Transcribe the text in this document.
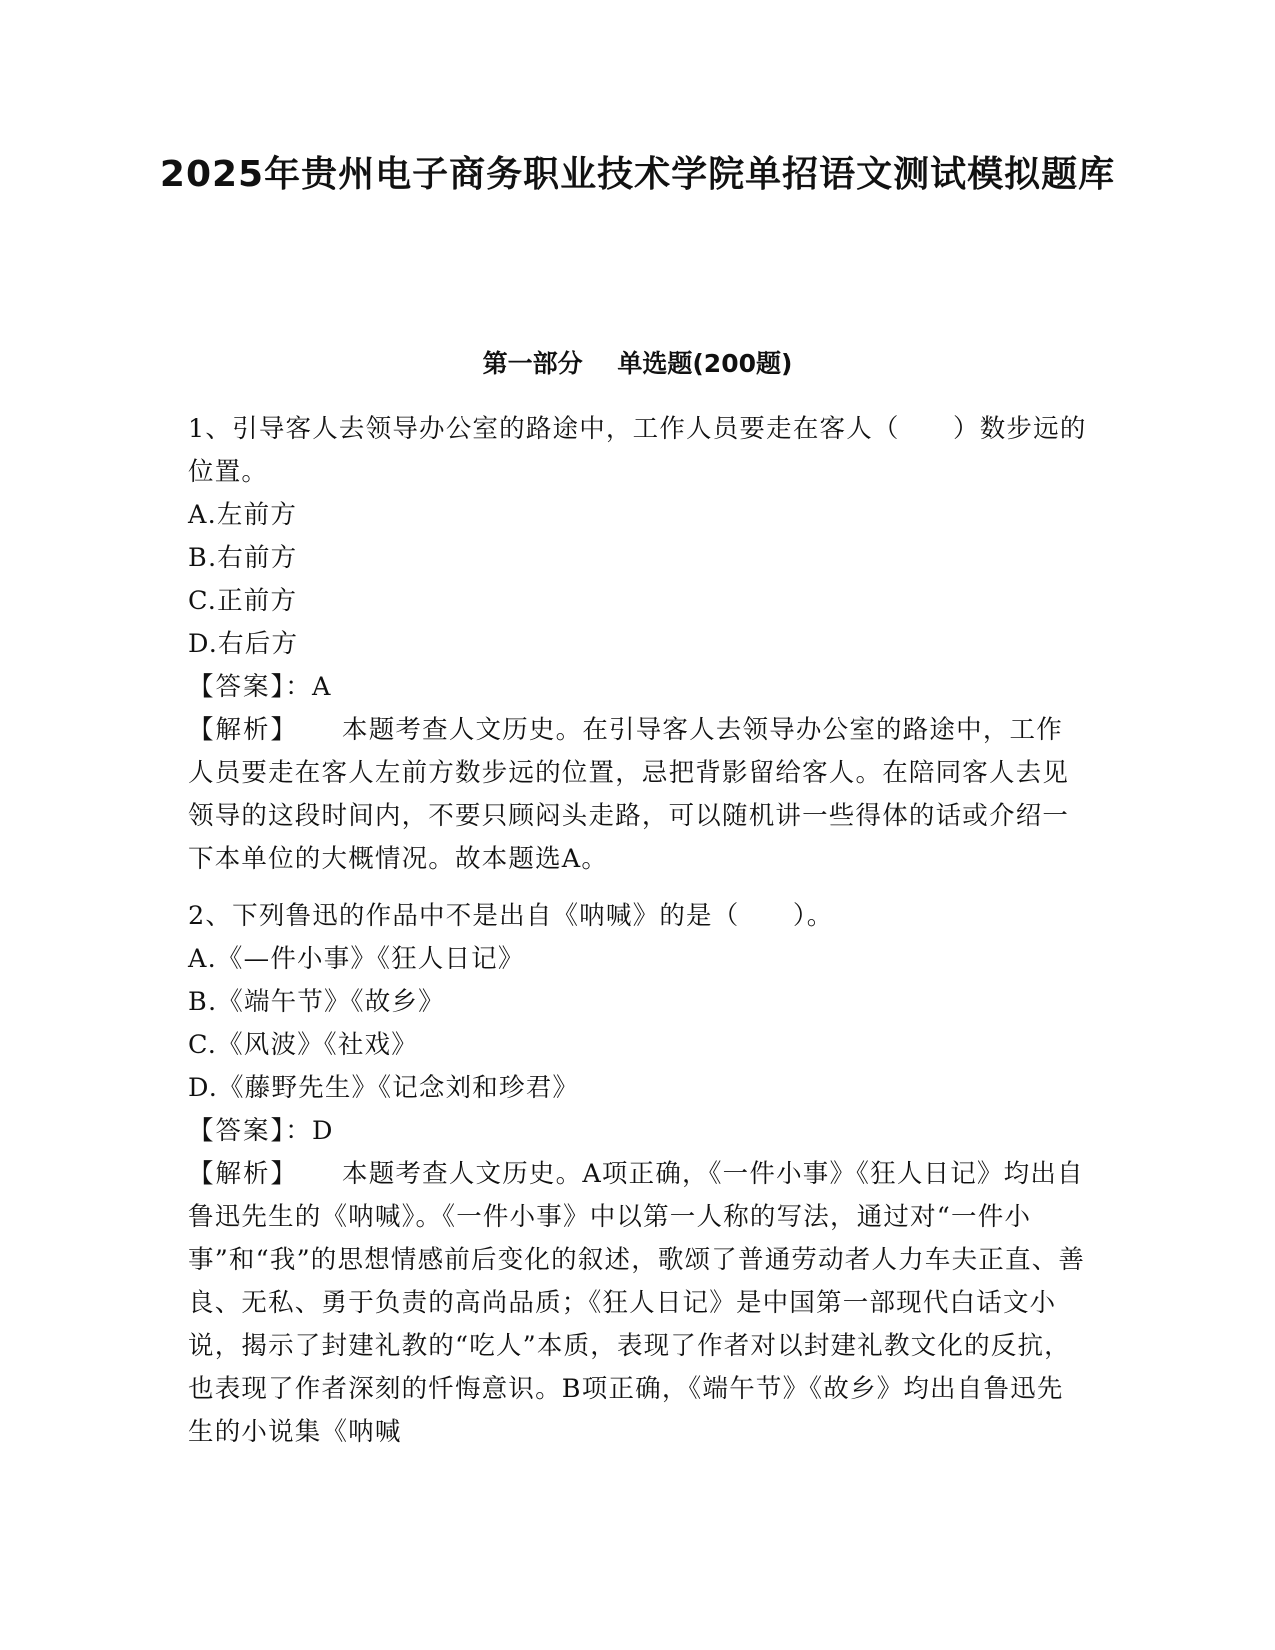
2025年贵州电子商务职业技术学院单招语文测试模拟题库
第一部分    单选题(200题)

1、引导客人去领导办公室的路途中，工作人员要走在客人（　　）数步远的位置。

A.左前方
B.右前方
C.正前方
D.右后方

【答案】：A

【解析】 本题考查人文历史。在引导客人去领导办公室的路途中，工作人员要走在客人左前方数步远的位置，忌把背影留给客人。在陪同客人去见领导的这段时间内，不要只顾闷头走路，可以随机讲一些得体的话或介绍一下本单位的大概情况。故本题选A。

2、下列鲁迅的作品中不是出自《呐喊》的是（　　）。

A.《—件小事》《狂人日记》
B.《端午节》《故乡》
C.《风波》《社戏》
D.《藤野先生》《记念刘和珍君》

【答案】：D

【解析】 本题考查人文历史。A项正确，《一件小事》《狂人日记》均出自鲁迅先生的《呐喊》。《一件小事》中以第一人称的写法，通过对“一件小事”和“我”的思想情感前后变化的叙述，歌颂了普通劳动者人力车夫正直、善良、无私、勇于负责的高尚品质；《狂人日记》是中国第一部现代白话文小说，揭示了封建礼教的“吃人”本质，表现了作者对以封建礼教文化的反抗，也表现了作者深刻的忏悔意识。B项正确，《端午节》《故乡》均出自鲁迅先生的小说集《呐喊
